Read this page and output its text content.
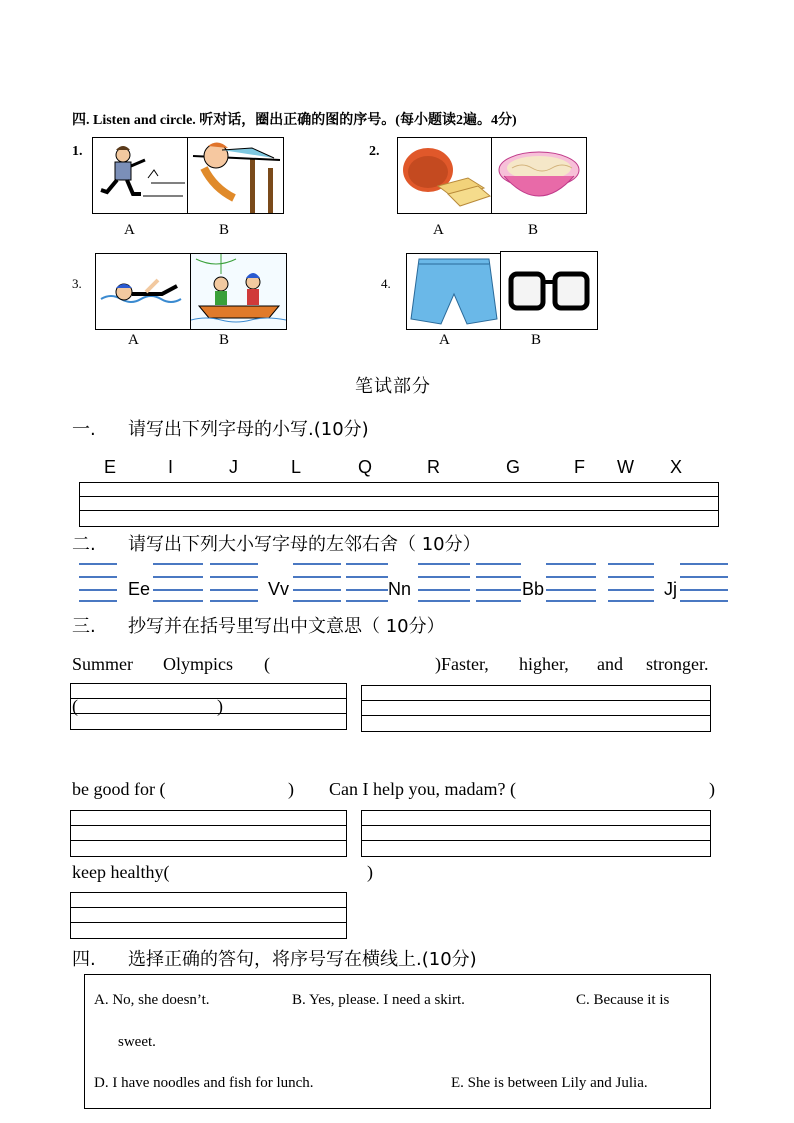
四. Listen and circle. 听对话，圈出正确的图的序号。(每小题读2遍。4分)
1.
A	B
2.
A	B
3.
A	B
4.
A	B
笔试部分
一. 请写出下列字母的小写.(10分)
E	I	J	L	Q	R	G	F W X
二. 请写出下列大小写字母的左邻右舍（ 10分）
Ee	Vv	Nn	Bb	Jj
三. 抄写并在括号里写出中文意思（ 10分）
Summer Olympics (	)Faster, higher, and stronger.
(	)
be good for (	) Can I help you, madam? (	)
keep healthy(	)
四. 选择正确的答句，将序号写在横线上.(10分)
A. No, she doesn’t.	B. Yes, please. I need a skirt.	C. Because it is
sweet.
D. I have noodles and fish for lunch.	E. She is between Lily and Julia.
